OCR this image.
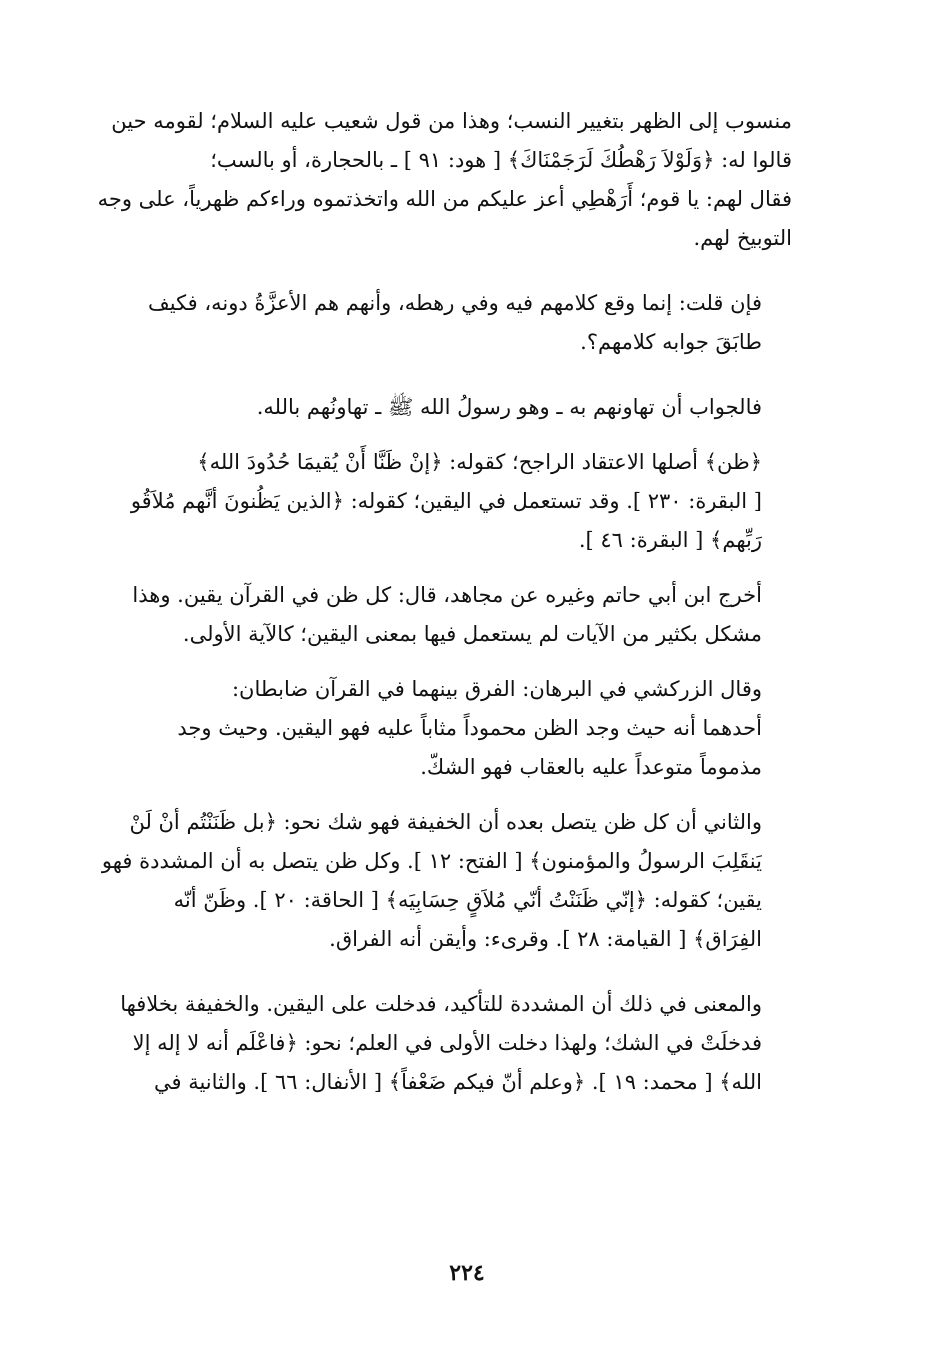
منسوب إلى الظهر بتغيير النسب؛ وهذا من قول شعيب عليه السلام؛ لقومه حين
قالوا له: ﴿وَلَوْلاَ رَهْطُكَ لَرَجَمْنَاكَ﴾ [ هود: ٩١ ] ـ بالحجارة، أو بالسب؛
فقال لهم: يا قوم؛ أَرَهْطِي أعز عليكم من الله واتخذتموه وراءكم ظهرياً، على وجه
التوبيخ لهم.

فإن قلت: إنما وقع كلامهم فيه وفي رهطه، وأنهم هم الأعزَّةُ دونه، فكيف
طابَقَ جوابه كلامهم؟.

فالجواب أن تهاونهم به ـ وهو رسولُ الله ﷺ ـ تهاونُهم بالله.

﴿ظن﴾ أصلها الاعتقاد الراجح؛ كقوله: ﴿إنْ ظَنَّا أَنْ يُقيمَا حُدُودَ الله﴾
[ البقرة: ٢٣٠ ]. وقد تستعمل في اليقين؛ كقوله: ﴿الذين يَظُنونَ أنَّهم مُلاَقُو
رَبِّهم﴾ [ البقرة: ٤٦ ].

أخرج ابن أبي حاتم وغيره عن مجاهد، قال: كل ظن في القرآن يقين. وهذا
مشكل بكثير من الآيات لم يستعمل فيها بمعنى اليقين؛ كالآية الأولى.

وقال الزركشي في البرهان: الفرق بينهما في القرآن ضابطان:

أحدهما أنه حيث وجد الظن محموداً مثاباً عليه فهو اليقين. وحيث وجد
مذموماً متوعداً عليه بالعقاب فهو الشكّ.

والثاني أن كل ظن يتصل بعده أن الخفيفة فهو شك نحو: ﴿بل ظَنَنْتُم أنْ لَنْ
يَنقَلِبَ الرسولُ والمؤمنون﴾ [ الفتح: ١٢ ]. وكل ظن يتصل به أن المشددة فهو
يقين؛ كقوله: ﴿إنّي ظَنَنْتُ أنّي مُلاَقٍ حِسَابِيَه﴾ [ الحاقة: ٢٠ ]. وظَنّ أنّه
الفِرَاق﴾ [ القيامة: ٢٨ ]. وقرىء: وأيقن أنه الفراق.

والمعنى في ذلك أن المشددة للتأكيد، فدخلت على اليقين. والخفيفة بخلافها
فدخلَتْ في الشك؛ ولهذا دخلت الأولى في العلم؛ نحو: ﴿فاعْلَم أنه لا إله إلا
الله﴾ [ محمد: ١٩ ]. ﴿وعلم أنّ فيكم ضَعْفاً﴾ [ الأنفال: ٦٦ ]. والثانية في

٢٢٤
